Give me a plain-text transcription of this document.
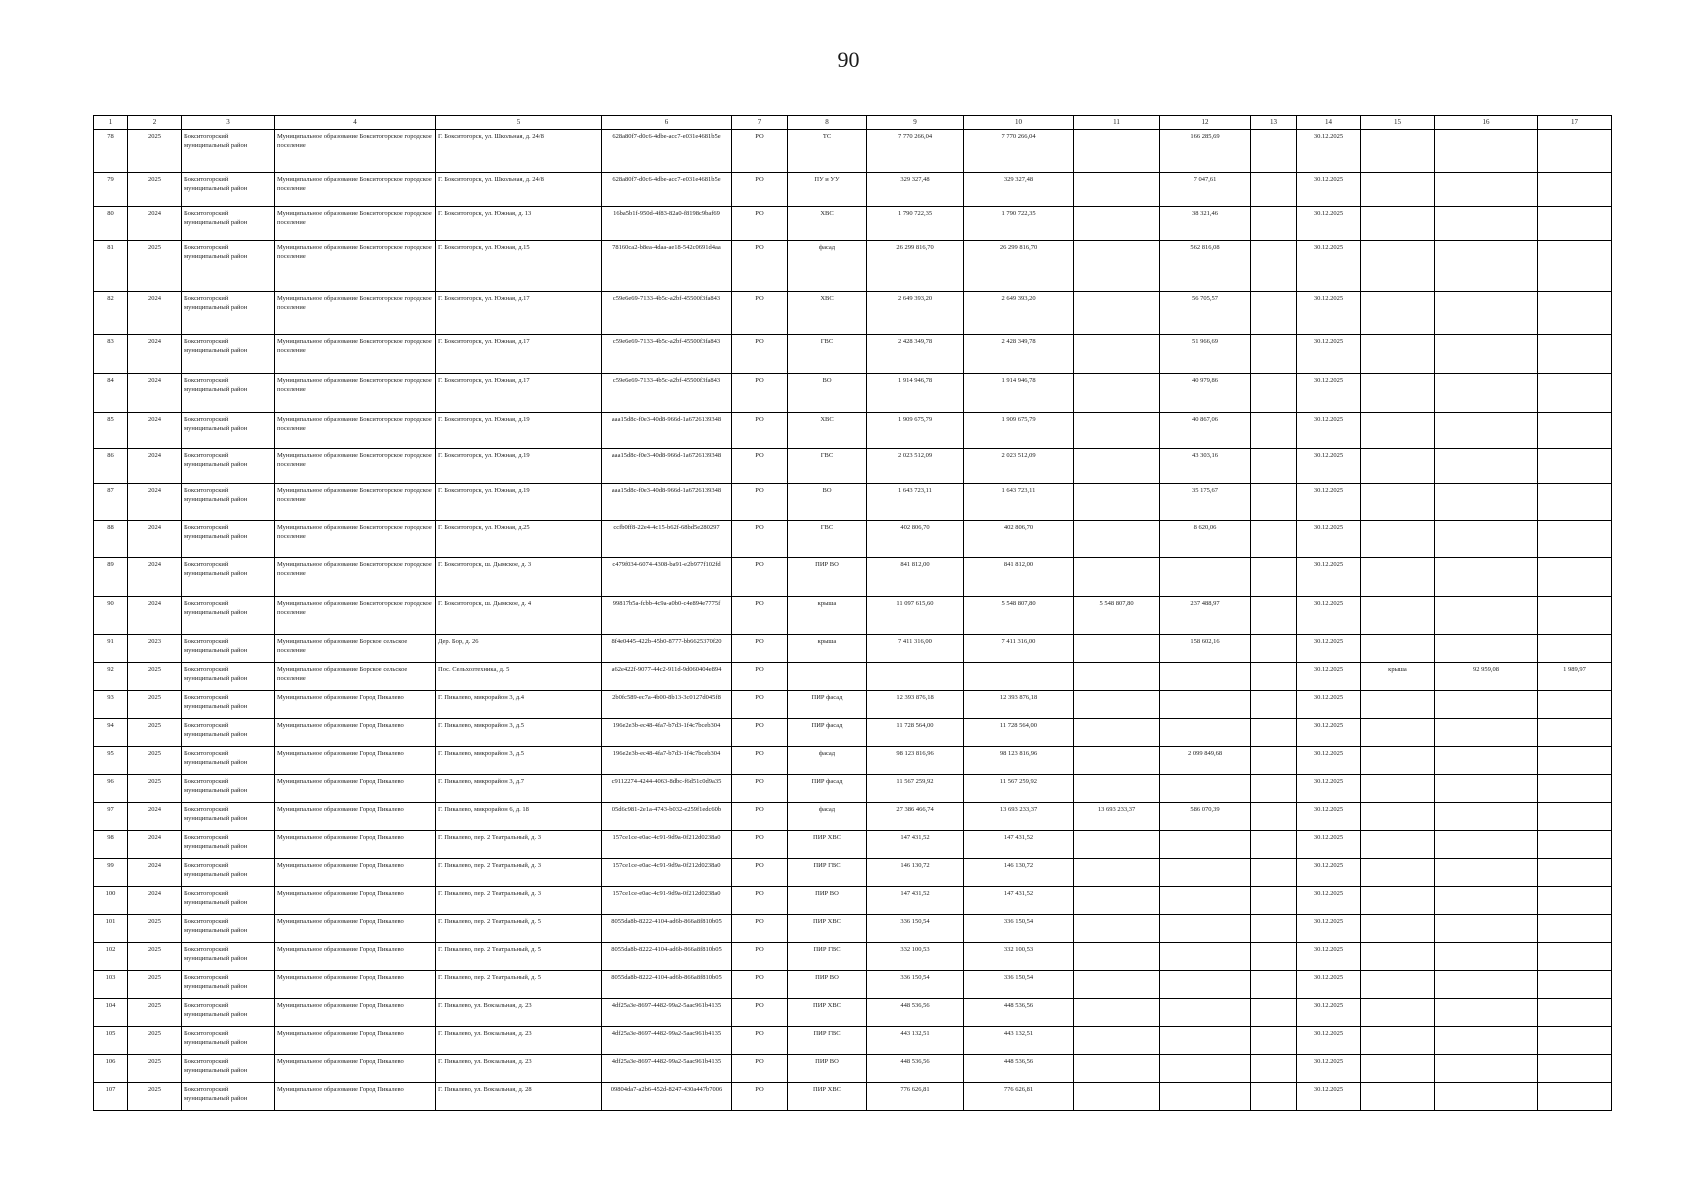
90
1	2	3	4	5	6	7	8	9	10	11	12	13	14	15	16	17
78	2025	Бокситогорский муниципальный район	Муниципальное образование Бокситогорское городское поселение	Г. Бокситогорск, ул. Школьная, д. 24/8	628a80f7-d0c6-4dbe-acc7-e031e4681b5e	РО	ТС	7 770 266,04	7 770 266,04		166 285,69		30.12.2025			
79	2025	Бокситогорский муниципальный район	Муниципальное образование Бокситогорское городское поселение	Г. Бокситогорск, ул. Школьная, д. 24/8	628a80f7-d0c6-4dbe-acc7-e031e4681b5e	РО	ПУ и УУ	329 327,48	329 327,48		7 047,61		30.12.2025			
80	2024	Бокситогорский муниципальный район	Муниципальное образование Бокситогорское городское поселение	Г. Бокситогорск, ул. Южная, д. 13	16ba5b1f-950d-4f83-82a0-f8198c9baf69	РО	ХВС	1 790 722,35	1 790 722,35		38 321,46		30.12.2025			
81	2025	Бокситогорский муниципальный район	Муниципальное образование Бокситогорское городское поселение	Г. Бокситогорск, ул. Южная, д.15	78160ca2-b8ea-4daa-ae18-542c0691d4aa	РО	фасад	26 299 816,70	26 299 816,70		562 816,08		30.12.2025			
82	2024	Бокситогорский муниципальный район	Муниципальное образование Бокситогорское городское поселение	Г. Бокситогорск, ул. Южная, д.17	c59e6e69-7133-4b5c-a2bf-45500f3fa843	РО	ХВС	2 649 393,20	2 649 393,20		56 705,57		30.12.2025			
83	2024	Бокситогорский муниципальный район	Муниципальное образование Бокситогорское городское поселение	Г. Бокситогорск, ул. Южная, д.17	c59e6e69-7133-4b5c-a2bf-45500f3fa843	РО	ГВС	2 428 349,78	2 428 349,78		51 966,69		30.12.2025			
84	2024	Бокситогорский муниципальный район	Муниципальное образование Бокситогорское городское поселение	Г. Бокситогорск, ул. Южная, д.17	c59e6e69-7133-4b5c-a2bf-45500f3fa843	РО	ВО	1 914 946,78	1 914 946,78		40 979,86		30.12.2025			
85	2024	Бокситогорский муниципальный район	Муниципальное образование Бокситогорское городское поселение	Г. Бокситогорск, ул. Южная, д.19	aaa15d8c-f0e3-40d8-966d-1a6726139348	РО	ХВС	1 909 675,79	1 909 675,79		40 867,06		30.12.2025			
86	2024	Бокситогорский муниципальный район	Муниципальное образование Бокситогорское городское поселение	Г. Бокситогорск, ул. Южная, д.19	aaa15d8c-f0e3-40d8-966d-1a6726139348	РО	ГВС	2 023 512,09	2 023 512,09		43 303,16		30.12.2025			
87	2024	Бокситогорский муниципальный район	Муниципальное образование Бокситогорское городское поселение	Г. Бокситогорск, ул. Южная, д.19	aaa15d8c-f0e3-40d8-966d-1a6726139348	РО	ВО	1 643 723,11	1 643 723,11		35 175,67		30.12.2025			
88	2024	Бокситогорский муниципальный район	Муниципальное образование Бокситогорское городское поселение	Г. Бокситогорск, ул. Южная, д.25	ccfb0ff8-22e4-4c15-b62f-68bd5e280297	РО	ГВС	402 806,70	402 806,70		8 620,06		30.12.2025			
89	2024	Бокситогорский муниципальный район	Муниципальное образование Бокситогорское городское поселение	Г. Бокситогорск, ш. Дымское, д. 3	c479f034-6074-4308-ba91-e2b977f102fd	РО	ПИР ВО	841 812,00	841 812,00				30.12.2025			
90	2024	Бокситогорский муниципальный район	Муниципальное образование Бокситогорское городское поселение	Г. Бокситогорск, ш. Дымское, д. 4	99817b5a-fcbb-4c9a-a0b0-c4e894e7775f	РО	крыша	11 097 615,60	5 548 807,80	5 548 807,80	237 488,97		30.12.2025			
91	2023	Бокситогорский муниципальный район	Муниципальное образование Борское сельское поселение	Дер. Бор, д. 26	8f4e0445-422b-45b0-8777-bb6625370f20	РО	крыша	7 411 316,00	7 411 316,00		158 602,16		30.12.2025			
92	2025	Бокситогорский муниципальный район	Муниципальное образование Борское сельское поселение	Пос. Сельхозтехника, д. 5	a62e422f-9077-44c2-911d-9d060404e894	РО							30.12.2025	крыша	92 959,08	1 989,97
93	2025	Бокситогорский муниципальный район	Муниципальное образование Город Пикалево	Г. Пикалево, микрорайон 3, д.4	2b0fc589-ec7a-4b00-8b13-3c0127d045f8	РО	ПИР фасад	12 393 876,18	12 393 876,18				30.12.2025			
94	2025	Бокситогорский муниципальный район	Муниципальное образование Город Пикалево	Г. Пикалево, микрорайон 3, д.5	196e2e3b-ec48-4fa7-b7d3-1f4c7bceb304	РО	ПИР фасад	11 728 564,00	11 728 564,00				30.12.2025			
95	2025	Бокситогорский муниципальный район	Муниципальное образование Город Пикалево	Г. Пикалево, микрорайон 3, д.5	196e2e3b-ec48-4fa7-b7d3-1f4c7bceb304	РО	фасад	98 123 816,96	98 123 816,96		2 099 849,68		30.12.2025			
96	2025	Бокситогорский муниципальный район	Муниципальное образование Город Пикалево	Г. Пикалево, микрорайон 3, д.7	c9112274-4244-4063-8dbc-f6d51c0d9a35	РО	ПИР фасад	11 567 259,92	11 567 259,92				30.12.2025			
97	2024	Бокситогорский муниципальный район	Муниципальное образование Город Пикалево	Г. Пикалево, микрорайон 6, д. 18	05d6c981-2e1a-4743-b032-e259f1edc60b	РО	фасад	27 386 466,74	13 693 233,37	13 693 233,37	586 070,39		30.12.2025			
98	2024	Бокситогорский муниципальный район	Муниципальное образование Город Пикалево	Г. Пикалево, пер. 2 Театральный, д. 3	157ce1ce-e0ac-4c91-9d9a-0f212d0238a0	РО	ПИР ХВС	147 431,52	147 431,52				30.12.2025			
99	2024	Бокситогорский муниципальный район	Муниципальное образование Город Пикалево	Г. Пикалево, пер. 2 Театральный, д. 3	157ce1ce-e0ac-4c91-9d9a-0f212d0238a0	РО	ПИР ГВС	146 130,72	146 130,72				30.12.2025			
100	2024	Бокситогорский муниципальный район	Муниципальное образование Город Пикалево	Г. Пикалево, пер. 2 Театральный, д. 3	157ce1ce-e0ac-4c91-9d9a-0f212d0238a0	РО	ПИР ВО	147 431,52	147 431,52				30.12.2025			
101	2025	Бокситогорский муниципальный район	Муниципальное образование Город Пикалево	Г. Пикалево, пер. 2 Театральный, д. 5	8055da8b-8222-4104-ad6b-866a8f810b05	РО	ПИР ХВС	336 150,54	336 150,54				30.12.2025			
102	2025	Бокситогорский муниципальный район	Муниципальное образование Город Пикалево	Г. Пикалево, пер. 2 Театральный, д. 5	8055da8b-8222-4104-ad6b-866a8f810b05	РО	ПИР ГВС	332 100,53	332 100,53				30.12.2025			
103	2025	Бокситогорский муниципальный район	Муниципальное образование Город Пикалево	Г. Пикалево, пер. 2 Театральный, д. 5	8055da8b-8222-4104-ad6b-866a8f810b05	РО	ПИР ВО	336 150,54	336 150,54				30.12.2025			
104	2025	Бокситогорский муниципальный район	Муниципальное образование Город Пикалево	Г. Пикалево, ул. Вокзальная, д. 23	4df25a3e-8697-4482-99a2-5aac961b4135	РО	ПИР ХВС	448 536,56	448 536,56				30.12.2025			
105	2025	Бокситогорский муниципальный район	Муниципальное образование Город Пикалево	Г. Пикалево, ул. Вокзальная, д. 23	4df25a3e-8697-4482-99a2-5aac961b4135	РО	ПИР ГВС	443 132,51	443 132,51				30.12.2025			
106	2025	Бокситогорский муниципальный район	Муниципальное образование Город Пикалево	Г. Пикалево, ул. Вокзальная, д. 23	4df25a3e-8697-4482-99a2-5aac961b4135	РО	ПИР ВО	448 536,56	448 536,56				30.12.2025			
107	2025	Бокситогорский муниципальный район	Муниципальное образование Город Пикалево	Г. Пикалево, ул. Вокзальная, д. 28	09804da7-a2b6-452d-8247-430a447b7006	РО	ПИР ХВС	776 626,81	776 626,81				30.12.2025			
